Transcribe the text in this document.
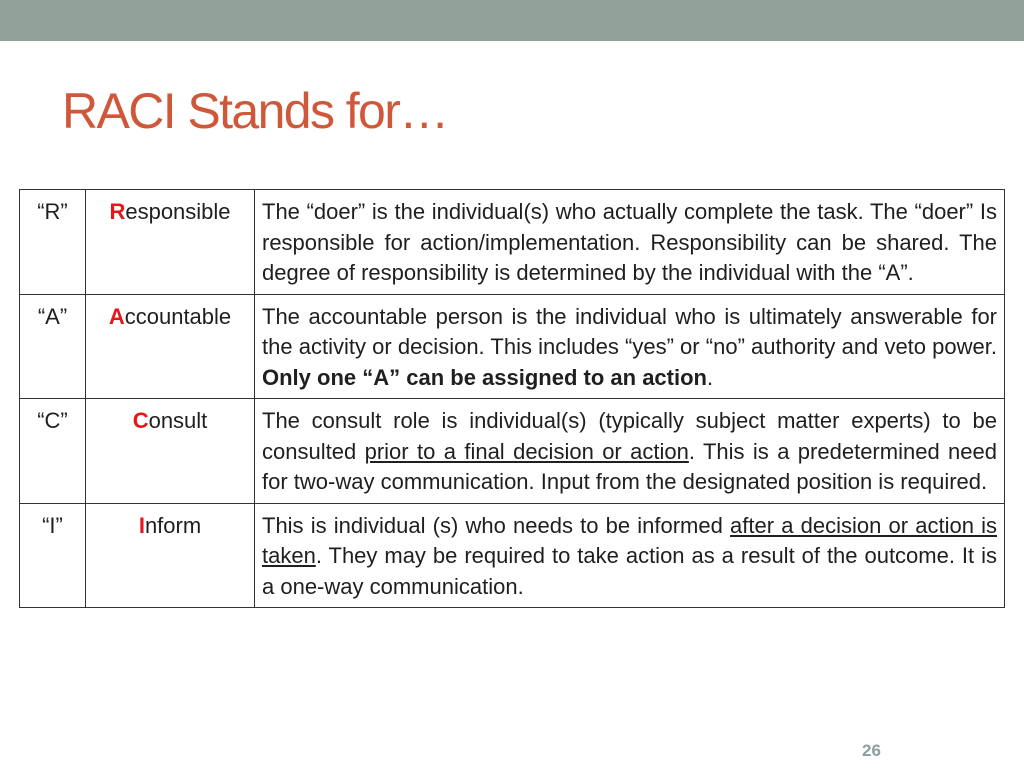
RACI Stands for…
“R”	Responsible	The “doer” is the individual(s) who actually complete the task. The “doer” Is responsible for action/implementation. Responsibility can be shared. The degree of responsibility is determined by the individual with the “A”.
“A”	Accountable	The accountable person is the individual who is ultimately answerable for the activity or decision. This includes “yes” or “no” authority and veto power. Only one “A” can be assigned to an action.
“C”	Consult	The consult role is individual(s) (typically subject matter experts) to be consulted prior to a final decision or action. This is a predetermined need for two-way communication. Input from the designated position is required.
“I”	Inform	This is individual (s) who needs to be informed after a decision or action is taken. They may be required to take action as a result of the outcome. It is a one-way communication.
26
